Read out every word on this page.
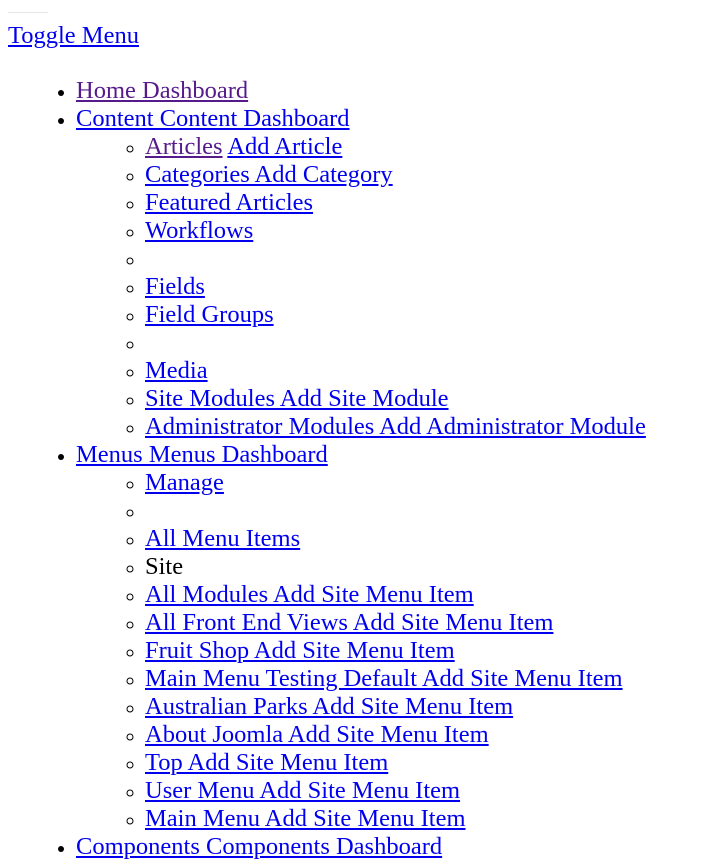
Toggle Menu
• Home Dashboard
• Content Content Dashboard
◦ Articles Add Article
◦ Categories Add Category
◦ Featured Articles
◦ Workflows
◦
◦ Fields
◦ Field Groups
◦
◦ Media
◦ Site Modules Add Site Module
◦ Administrator Modules Add Administrator Module
• Menus Menus Dashboard
◦ Manage
◦
◦ All Menu Items
◦ Site
◦ All Modules Add Site Menu Item
◦ All Front End Views Add Site Menu Item
◦ Fruit Shop Add Site Menu Item
◦ Main Menu Testing Default Add Site Menu Item
◦ Australian Parks Add Site Menu Item
◦ About Joomla Add Site Menu Item
◦ Top Add Site Menu Item
◦ User Menu Add Site Menu Item
◦ Main Menu Add Site Menu Item
• Components Components Dashboard
